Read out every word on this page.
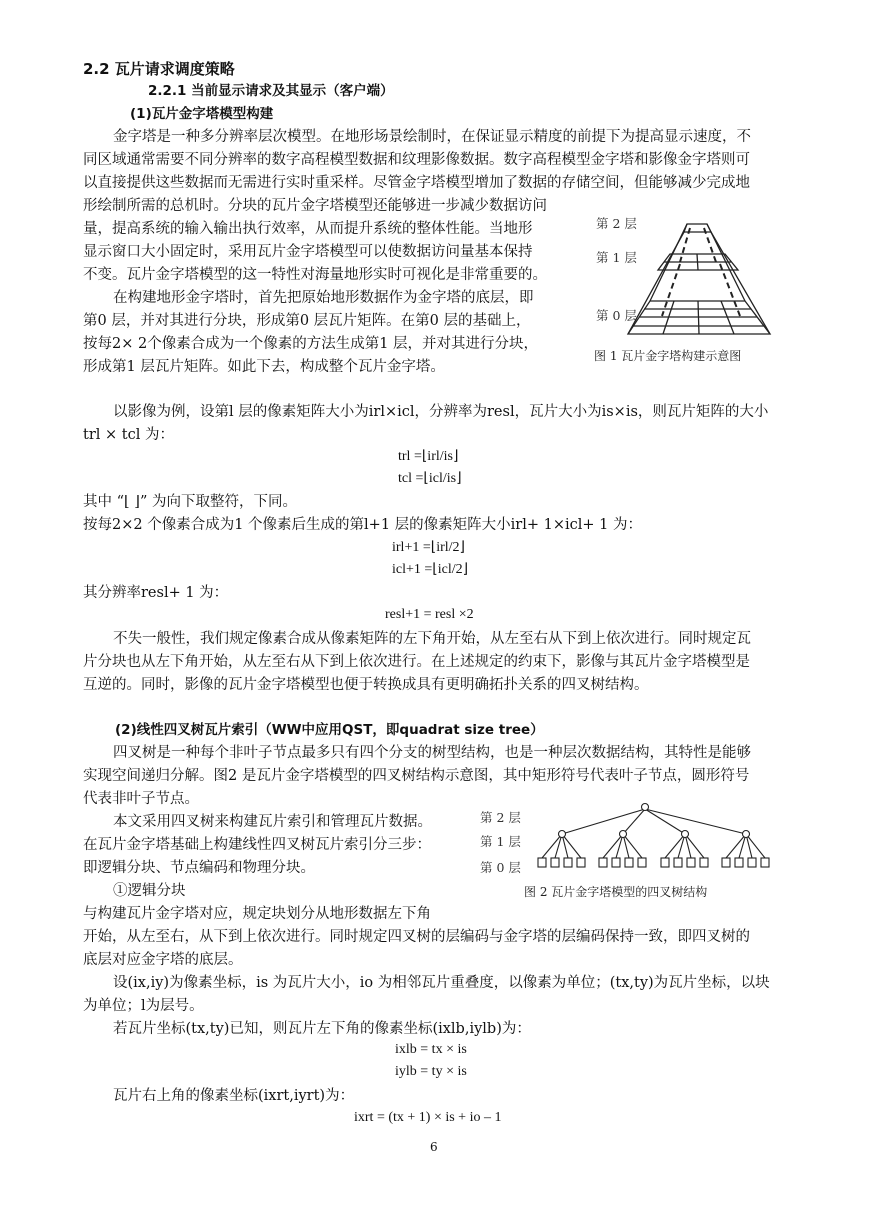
2.2 瓦片请求调度策略
2.2.1 当前显示请求及其显示（客户端）
(1)瓦片金字塔模型构建
金字塔是一种多分辨率层次模型。在地形场景绘制时，在保证显示精度的前提下为提高显示速度，不
同区域通常需要不同分辨率的数字高程模型数据和纹理影像数据。数字高程模型金字塔和影像金字塔则可
以直接提供这些数据而无需进行实时重采样。尽管金字塔模型增加了数据的存储空间，但能够减少完成地
形绘制所需的总机时。分块的瓦片金字塔模型还能够进一步减少数据访问
量，提高系统的输入输出执行效率，从而提升系统的整体性能。当地形
显示窗口大小固定时，采用瓦片金字塔模型可以使数据访问量基本保持
不变。瓦片金字塔模型的这一特性对海量地形实时可视化是非常重要的。
在构建地形金字塔时，首先把原始地形数据作为金字塔的底层，即
第0 层，并对其进行分块，形成第0 层瓦片矩阵。在第0 层的基础上，
按每2× 2个像素合成为一个像素的方法生成第1 层，并对其进行分块，
形成第1 层瓦片矩阵。如此下去，构成整个瓦片金字塔。
第 2 层
第 1 层
第 0 层
图 1 瓦片金字塔构建示意图
以影像为例，设第l 层的像素矩阵大小为irl×icl，分辨率为resl，瓦片大小为is×is，则瓦片矩阵的大小
trl × tcl 为：
trl =⌊irl/is⌋
tcl =⌊icl/is⌋
其中 “⌊ ⌋” 为向下取整符，下同。
按每2×2 个像素合成为1 个像素后生成的第l+1 层的像素矩阵大小irl+ 1×icl+ 1 为：
irl+1 =⌊irl/2⌋
icl+1 =⌊icl/2⌋
其分辨率resl+ 1 为：
resl+1 = resl ×2
不失一般性，我们规定像素合成从像素矩阵的左下角开始，从左至右从下到上依次进行。同时规定瓦
片分块也从左下角开始，从左至右从下到上依次进行。在上述规定的约束下，影像与其瓦片金字塔模型是
互逆的。同时，影像的瓦片金字塔模型也便于转换成具有更明确拓扑关系的四叉树结构。
(2)线性四叉树瓦片索引（WW中应用QST，即quadrat size tree）
四叉树是一种每个非叶子节点最多只有四个分支的树型结构，也是一种层次数据结构，其特性是能够
实现空间递归分解。图2 是瓦片金字塔模型的四叉树结构示意图，其中矩形符号代表叶子节点，圆形符号
代表非叶子节点。
本文采用四叉树来构建瓦片索引和管理瓦片数据。
在瓦片金字塔基础上构建线性四叉树瓦片索引分三步：
即逻辑分块、节点编码和物理分块。
①逻辑分块
与构建瓦片金字塔对应，规定块划分从地形数据左下角
开始，从左至右，从下到上依次进行。同时规定四叉树的层编码与金字塔的层编码保持一致，即四叉树的
底层对应金字塔的底层。
第 2 层
第 1 层
第 0 层
图 2 瓦片金字塔模型的四叉树结构
设(ix,iy)为像素坐标，is 为瓦片大小，io 为相邻瓦片重叠度，以像素为单位；(tx,ty)为瓦片坐标，以块
为单位；l为层号。
若瓦片坐标(tx,ty)已知，则瓦片左下角的像素坐标(ixlb,iylb)为：
ixlb = tx × is
iylb = ty × is
瓦片右上角的像素坐标(ixrt,iyrt)为：
ixrt = (tx + 1) × is + io – 1
6
